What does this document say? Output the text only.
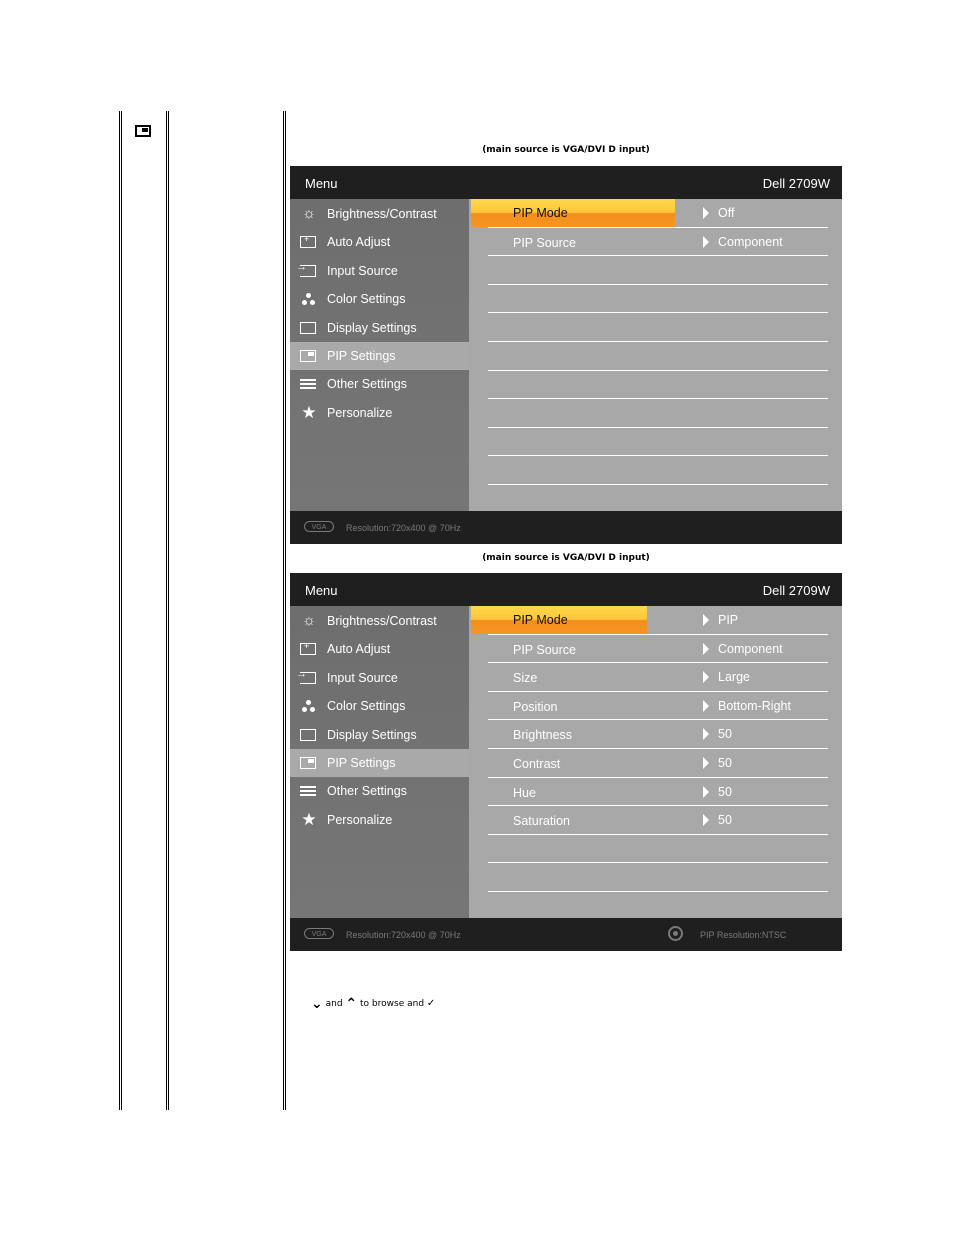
(main source is VGA/DVI D input)
Menu	Dell 2709W
☼ Brightness/Contrast
+
Auto Adjust
→
Input Source
Color Settings
Display Settings
PIP Settings
Other Settings
★ Personalize
PIP Mode	Off
PIP Source	Component
VGA	Resolution:720x400 @ 70Hz
(main source is VGA/DVI D input)
Menu	Dell 2709W
☼ Brightness/Contrast
+
Auto Adjust
→
Input Source
Color Settings
Display Settings
PIP Settings
Other Settings
★ Personalize
PIP Mode	PIP
PIP Source	Component
Size	Large
Position	Bottom-Right
Brightness	50
Contrast	50
Hue	50
Saturation	50
VGA	Resolution:720x400 @ 70Hz	PIP Resolution:NTSC
⌄ and ⌃ to browse and ✓
